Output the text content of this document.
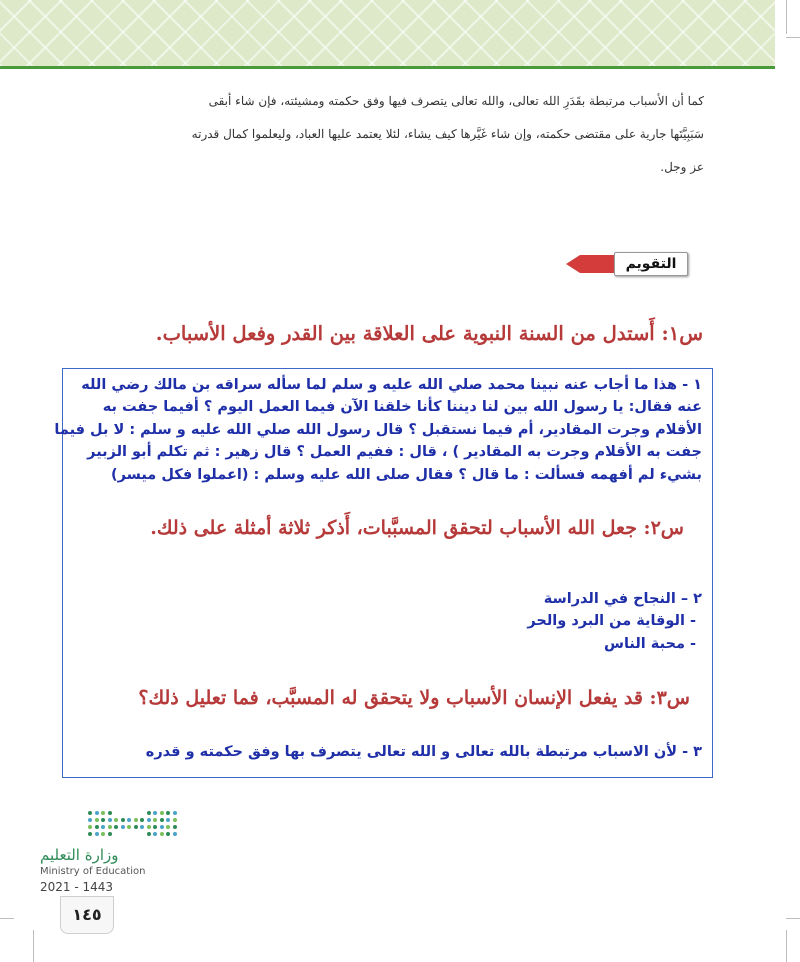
كما أن الأسباب مرتبطة بقَدَرِ الله تعالى، والله تعالى يتصرف فيها وفق حكمته ومشيئته، فإن شاء أبقى
سَبَبِيَّتَها جارية على مقتضى حكمته، وإن شاء غَيَّرها كيف يشاء، لئلا يعتمد عليها العباد، وليعلموا كمال قدرته
عز وجل.
التقويم
س١: أَستدل من السنة النبوية على العلاقة بين القدر وفعل الأسباب.
١ - هذا ما أجاب عنه نبينا محمد صلي الله عليه و سلم لما سأله سراقه بن مالك رضي الله
عنه فقال: يا رسول الله بين لنا ديننا كأنا خلقنا الآن فيما العمل اليوم ؟ أفيما جفت به
الأقلام وجرت المقادير، أم فيما نستقبل ؟ قال رسول الله صلي الله عليه و سلم : لا بل فيما
جفت به الأقلام وجرت به المقادير ) ، قال : ففيم العمل ؟ قال زهير : ثم تكلم أبو الزبير
بشيء لم أفهمه فسألت : ما قال ؟ فقال صلى الله عليه وسلم : (اعملوا فكل ميسر)
س٢: جعل الله الأسباب لتحقق المسبَّبات، أَذكر ثلاثة أمثلة على ذلك.
٢ – النجاح في الدراسة
- الوقاية من البرد والحر
- محبة الناس
س٣: قد يفعل الإنسان الأسباب ولا يتحقق له المسبَّب، فما تعليل ذلك؟
٣ - لأن الاسباب مرتبطة بالله تعالى و الله تعالى يتصرف بها وفق حكمته و قدره
وزارة التعليم
Ministry of Education
2021 - 1443
١٤٥
